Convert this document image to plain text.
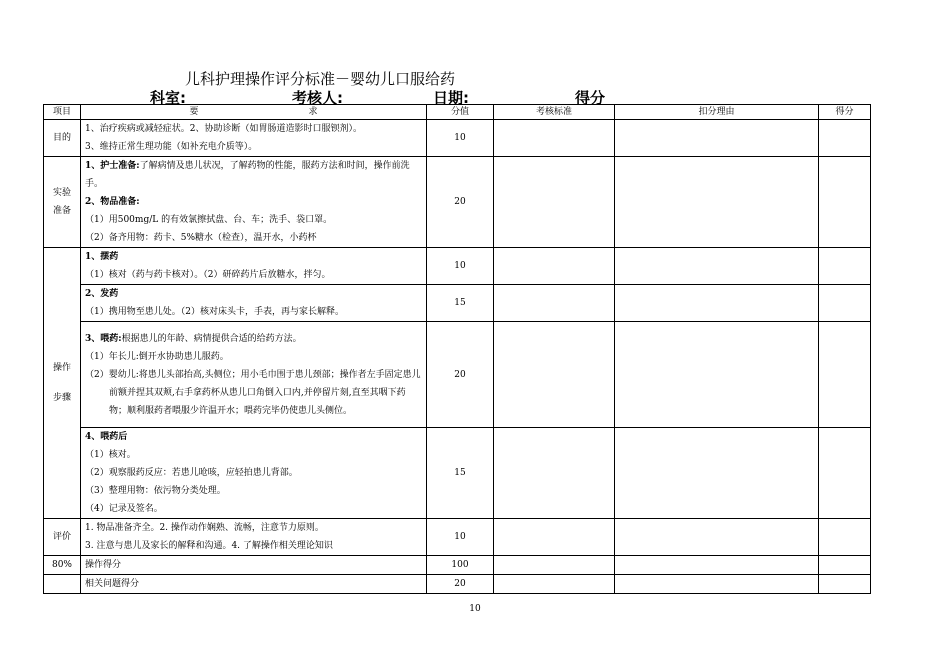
儿科护理操作评分标准－婴幼儿口服给药
科室:	考核人:	日期:	得分
项目	要 求	分值	考核标准	扣分理由	得分
目的	1、治疗疾病或减轻症状。2、协助诊断（如胃肠道造影时口服钡剂）。
3、维持正常生理功能（如补充电介质等）。	10			

实验
准备	1、护士准备:了解病情及患儿状况，了解药物的性能，服药方法和时间，操作前洗手。
2、物品准备:
（1）用500mg/L 的有效氯擦拭盘、台、车；洗手、袋口罩。
（2）备齐用物：药卡、5%糖水（检查），温开水，小药杯	20			

操作
步骤	1、摆药
（1）核对（药与药卡核对）。（2）研碎药片后放糖水，拌匀。	10			

	2、发药
（1）携用物至患儿处。（2）核对床头卡，手表，再与家长解释。	15			

	3、喂药:根据患儿的年龄、病情提供合适的给药方法。
（1）年长儿:倒开水协助患儿服药。
（2）婴幼儿:将患儿头部抬高,头侧位；用小毛巾围于患儿颈部；操作者左手固定患儿前额并捏其双颊,右手拿药杯从患儿口角倒入口内,并停留片刻,直至其咽下药物；顺利服药者喂服少许温开水；喂药完毕仍使患儿头侧位。	20			

	4、喂药后
（1）核对。
（2）观察服药反应：若患儿呛咳，应轻拍患儿背部。
（3）整理用物：依污物分类处理。
（4）记录及签名。	15			
评价	1. 物品准备齐全。2. 操作动作娴熟、流畅，注意节力原则。
3. 注意与患儿及家长的解释和沟通。4. 了解操作相关理论知识	10			
80%	操作得分	100			
	相关问题得分	20			
10
